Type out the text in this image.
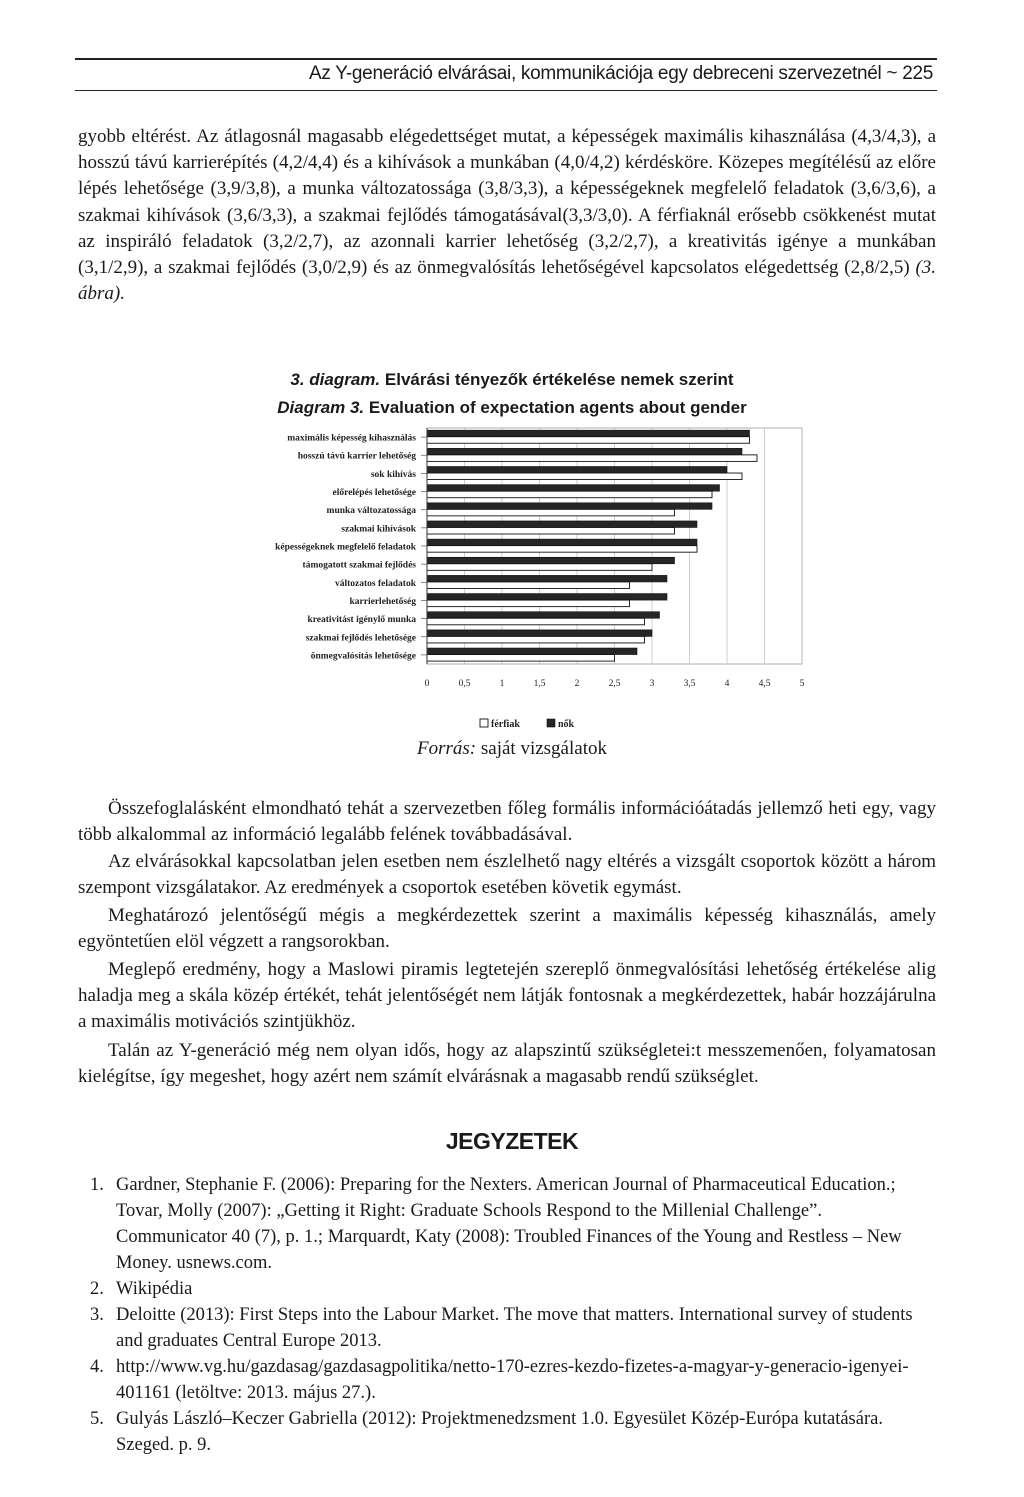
Az Y-generáció elvárásai, kommunikációja egy debreceni szervezetnél ~ 225

gyobb eltérést. Az átlagosnál magasabb elégedettséget mutat, a képességek maximális kihasználása (4,3/4,3), a hosszú távú karrierépítés (4,2/4,4) és a kihívások a munkában (4,0/4,2) kérdésköre. Közepes megítélésű az előre lépés lehetősége (3,9/3,8), a munka változatossága (3,8/3,3), a képességeknek megfelelő feladatok (3,6/3,6), a szakmai kihívások (3,6/3,3), a szakmai fejlődés támogatásával(3,3/3,0). A férfiaknál erősebb csökkenést mutat az inspiráló feladatok (3,2/2,7), az azonnali karrier lehetőség (3,2/2,7), a kreativitás igénye a munkában (3,1/2,9), a szakmai fejlődés (3,0/2,9) és az önmegvalósítás lehetőségével kapcsolatos elégedettség (2,8/2,5) (3. ábra).

3. diagram. Elvárási tényezők értékelése nemek szerint
Diagram 3. Evaluation of expectation agents about gender
0	0,5	1	1,5	2	2,5	3	3,5	4	4,5	5
maximális képesség kihasználás
hosszú távú karrier lehetőség
sok kihívás
előrelépés lehetősége
munka változatossága
szakmai kihívások
képességeknek megfelelő feladatok
támogatott szakmai fejlődés
változatos feladatok
karrierlehetőség
kreativitást igénylő munka
szakmai fejlődés lehetősége
önmegvalósítás lehetősége
férfiak	nők
Forrás: saját vizsgálatok

Összefoglalásként elmondható tehát a szervezetben főleg formális információátadás jellemző heti egy, vagy több alkalommal az információ legalább felének továbbadásával.

Az elvárásokkal kapcsolatban jelen esetben nem észlelhető nagy eltérés a vizsgált csoportok között a három szempont vizsgálatakor. Az eredmények a csoportok esetében követik egymást.

Meghatározó jelentőségű mégis a megkérdezettek szerint a maximális képesség kihasználás, amely egyöntetűen elöl végzett a rangsorokban.

Meglepő eredmény, hogy a Maslowi piramis legtetején szereplő önmegvalósítási lehetőség értékelése alig haladja meg a skála közép értékét, tehát jelentőségét nem látják fontosnak a megkérdezettek, habár hozzájárulna a maximális motivációs szintjükhöz.

Talán az Y-generáció még nem olyan idős, hogy az alapszintű szükségletei:t messzemenően, folyamatosan kielégítse, így megeshet, hogy azért nem számít elvárásnak a magasabb rendű szükséglet.

JEGYZETEK
1. Gardner, Stephanie F. (2006): Preparing for the Nexters. American Journal of Pharmaceutical Education.; Tovar, Molly (2007): „Getting it Right: Graduate Schools Respond to the Millenial Challenge”. Communicator 40 (7), p. 1.; Marquardt, Katy (2008): Troubled Finances of the Young and Restless – New Money. usnews.com.
2. Wikipédia
3. Deloitte (2013): First Steps into the Labour Market. The move that matters. International survey of students and graduates Central Europe 2013.
4. http://www.vg.hu/gazdasag/gazdasagpolitika/netto-170-ezres-kezdo-fizetes-a-magyar-y-generacio-igenyei-401161 (letöltve: 2013. május 27.).
5. Gulyás László–Keczer Gabriella (2012): Projektmenedzsment 1.0. Egyesület Közép-Európa kutatására. Szeged. p. 9.
